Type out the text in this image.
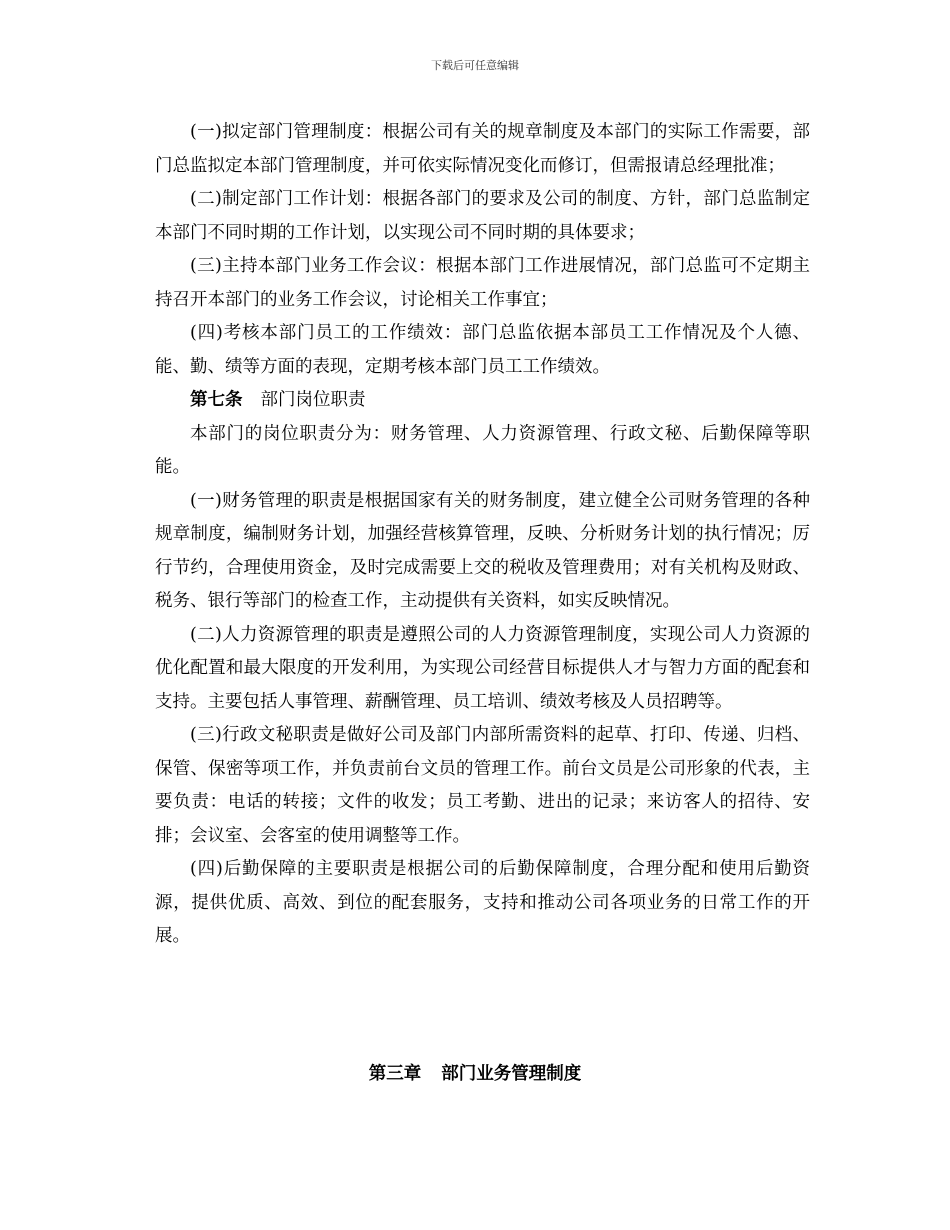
下载后可任意编辑

(一)拟定部门管理制度：根据公司有关的规章制度及本部门的实际工作需要，部门总监拟定本部门管理制度，并可依实际情况变化而修订，但需报请总经理批准；

(二)制定部门工作计划：根据各部门的要求及公司的制度、方针，部门总监制定本部门不同时期的工作计划，以实现公司不同时期的具体要求；

(三)主持本部门业务工作会议：根据本部门工作进展情况，部门总监可不定期主持召开本部门的业务工作会议，讨论相关工作事宜；

(四)考核本部门员工的工作绩效：部门总监依据本部员工工作情况及个人德、能、勤、绩等方面的表现，定期考核本部门员工工作绩效。

第七条 部门岗位职责

本部门的岗位职责分为：财务管理、人力资源管理、行政文秘、后勤保障等职能。

(一)财务管理的职责是根据国家有关的财务制度，建立健全公司财务管理的各种规章制度，编制财务计划，加强经营核算管理，反映、分析财务计划的执行情况；厉行节约，合理使用资金，及时完成需要上交的税收及管理费用；对有关机构及财政、税务、银行等部门的检查工作，主动提供有关资料，如实反映情况。

(二)人力资源管理的职责是遵照公司的人力资源管理制度，实现公司人力资源的优化配置和最大限度的开发利用，为实现公司经营目标提供人才与智力方面的配套和支持。主要包括人事管理、薪酬管理、员工培训、绩效考核及人员招聘等。

(三)行政文秘职责是做好公司及部门内部所需资料的起草、打印、传递、归档、保管、保密等项工作，并负责前台文员的管理工作。前台文员是公司形象的代表，主要负责：电话的转接；文件的收发；员工考勤、进出的记录；来访客人的招待、安排；会议室、会客室的使用调整等工作。

(四)后勤保障的主要职责是根据公司的后勤保障制度，合理分配和使用后勤资源，提供优质、高效、到位的配套服务，支持和推动公司各项业务的日常工作的开展。

第三章 部门业务管理制度
